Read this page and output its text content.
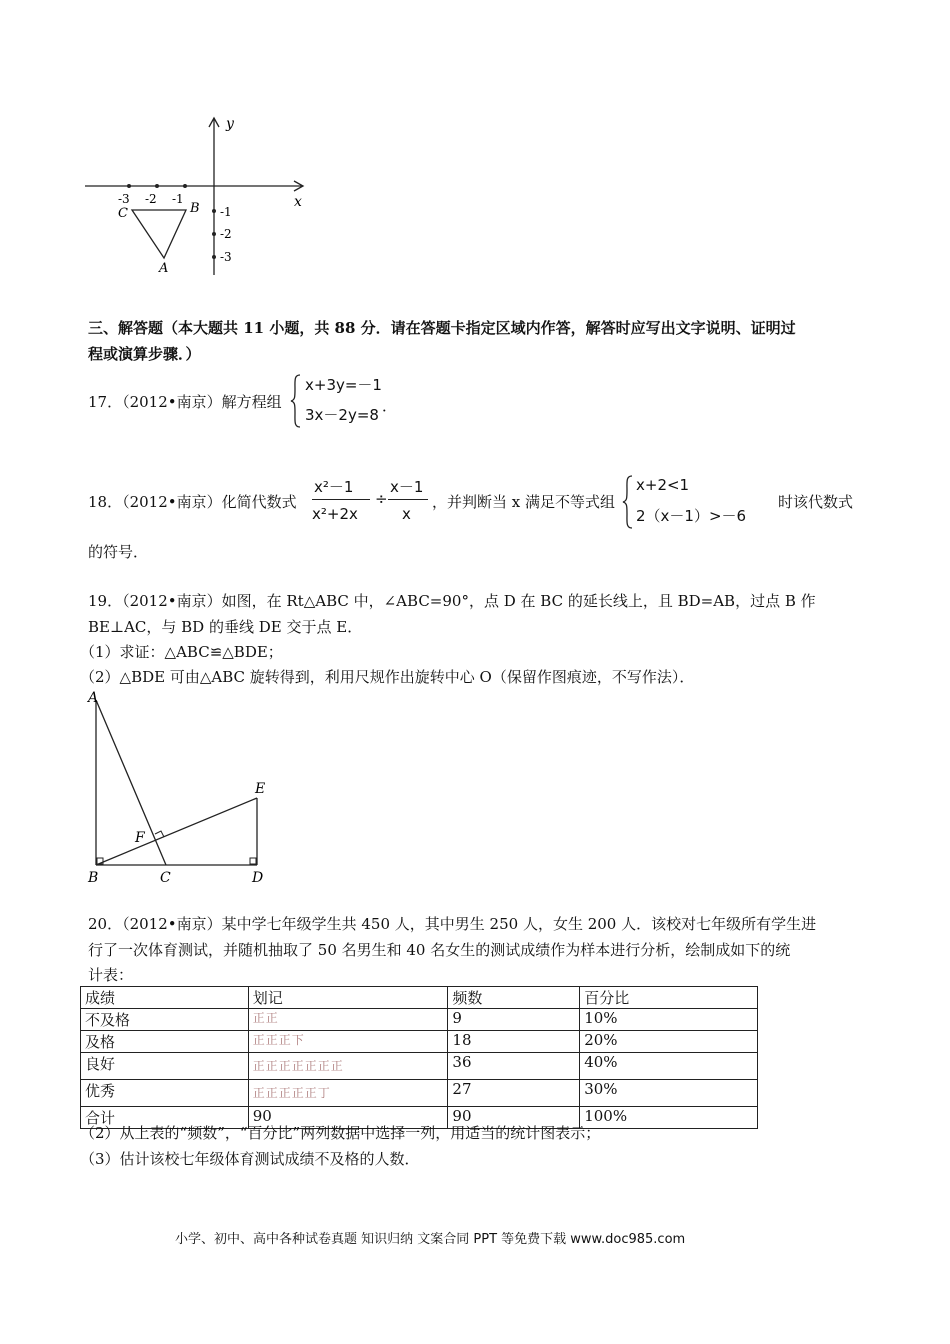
y
x
-3 -2 -1
-1
-2
-3
C	B
A
三、解答题（本大题共 11 小题，共 88 分．请在答题卡指定区域内作答，解答时应写出文字说明、证明过
程或演算步骤．）
17．（2012•南京）解方程组
x+3y=－1
3x－2y=8 ．
18．（2012•南京）化简代数式
x²－1
x²+2x
÷
x－1
x
，并判断当 x 满足不等式组
x+2<1
2（x－1）>－6
时该代数式
的符号．
19．（2012•南京）如图，在 Rt△ABC 中，∠ABC=90°，点 D 在 BC 的延长线上，且 BD=AB，过点 B 作
BE⊥AC，与 BD 的垂线 DE 交于点 E．
（1）求证：△ABC≌△BDE；
（2）△BDE 可由△ABC 旋转得到，利用尺规作出旋转中心 O（保留作图痕迹，不写作法）．
A
E
F
B	C	D
20．（2012•南京）某中学七年级学生共 450 人，其中男生 250 人，女生 200 人．该校对七年级所有学生进
行了一次体育测试，并随机抽取了 50 名男生和 40 名女生的测试成绩作为样本进行分析，绘制成如下的统
计表：
成绩	划记	频数	百分比
不及格	正正	9	10%
及格	正正正下	18	20%
良好	正正正正正正正	36	40%
优秀	正正正正正丁	27	30%
合计	90	90	100%
（2）从上表的“频数”，“百分比”两列数据中选择一列，用适当的统计图表示；
（3）估计该校七年级体育测试成绩不及格的人数．
小学、初中、高中各种试卷真题 知识归纳 文案合同 PPT 等免费下载 www.doc985.com
